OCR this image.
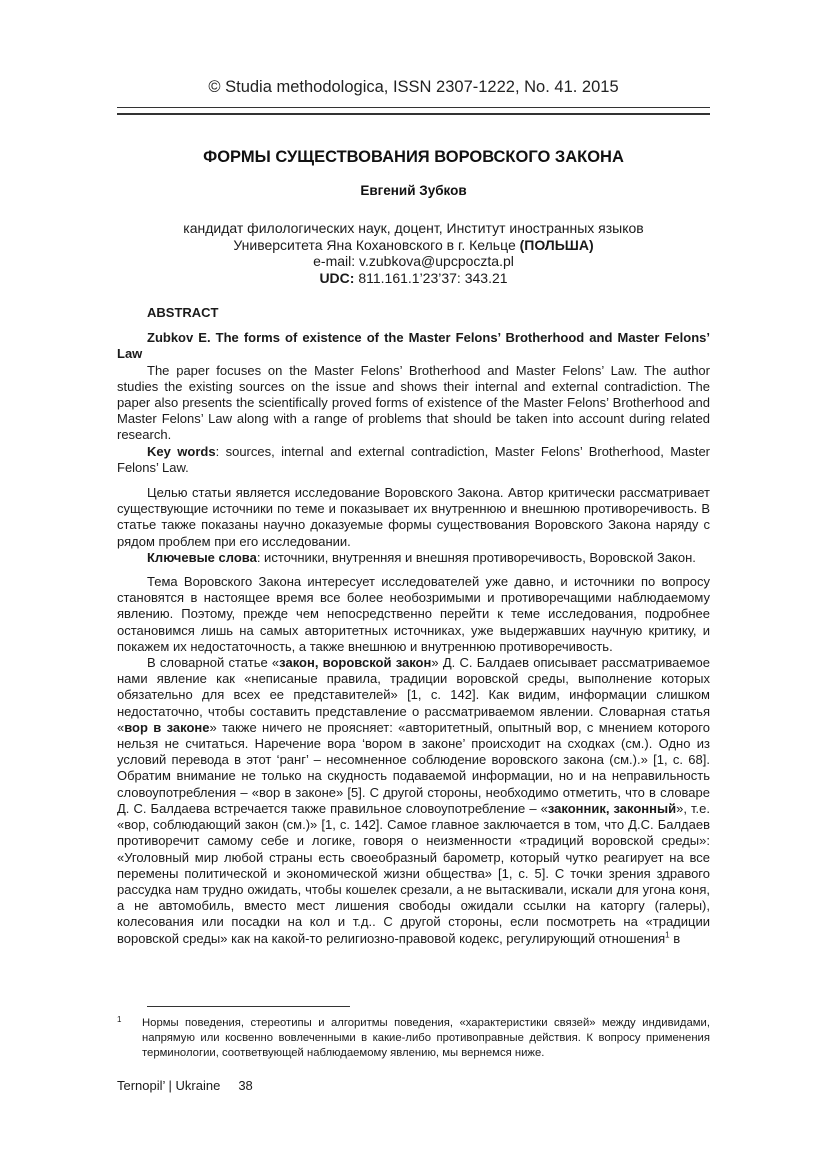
© Studia methodologica, ISSN 2307-1222, No. 41. 2015
ФОРМЫ СУЩЕСТВОВАНИЯ ВОРОВСКОГО ЗАКОНА
Евгений Зубков
кандидат филологических наук, доцент, Институт иностранных языков
Университета Яна Кохановского в г. Кельце (ПОЛЬША)
e-mail: v.zubkova@upcpoczta.pl
UDC: 811.161.1’23’37: 343.21
ABSTRACT

Zubkov E. The forms of existence of the Master Felons’ Brotherhood and Master Felons’ Law

The paper focuses on the Master Felons’ Brotherhood and Master Felons’ Law. The author studies the existing sources on the issue and shows their internal and external contradiction. The paper also presents the scientifically proved forms of existence of the Master Felons’ Brotherhood and Master Felons’ Law along with a range of problems that should be taken into account during related research.

Key words: sources, internal and external contradiction, Master Felons’ Brotherhood, Master Felons’ Law.

Целью статьи является исследование Воровского Закона. Автор критически рассматривает существующие источники по теме и показывает их внутреннюю и внешнюю противоречивость. В статье также показаны научно доказуемые формы существования Воровского Закона наряду с рядом проблем при его исследовании.

Ключевые слова: источники, внутренняя и внешняя противоречивость, Воровской Закон.

Тема Воровского Закона интересует исследователей уже давно, и источники по вопросу становятся в настоящее время все более необозримыми и противоречащими наблюдаемому явлению. Поэтому, прежде чем непосредственно перейти к теме исследования, подробнее остановимся лишь на самых авторитетных источниках, уже выдержавших научную критику, и покажем их недостаточность, а также внешнюю и внутреннюю противоречивость.

В словарной статье «закон, воровской закон» Д. С. Балдаев описывает рассматриваемое нами явление как «неписаные правила, традиции воровской среды, выполнение которых обязательно для всех ее представителей» [1, с. 142]. Как видим, информации слишком недостаточно, чтобы составить представление о рассматриваемом явлении. Словарная статья «вор в законе» также ничего не проясняет: «авторитетный, опытный вор, с мнением которого нельзя не считаться. Наречение вора ‘вором в законе’ происходит на сходках (см.). Одно из условий перевода в этот ‘ранг’ – несомненное соблюдение воровского закона (см.).» [1, с. 68]. Обратим внимание не только на скудность подаваемой информации, но и на неправильность словоупотребления – «вор в законе» [5]. С другой стороны, необходимо отметить, что в словаре Д. С. Балдаева встречается также правильное словоупотребление – «законник, законный», т.е. «вор, соблюдающий закон (см.)» [1, с. 142]. Самое главное заключается в том, что Д.С. Балдаев противоречит самому себе и логике, говоря о неизменности «традиций воровской среды»: «Уголовный мир любой страны есть своеобразный барометр, который чутко реагирует на все перемены политической и экономической жизни общества» [1, с. 5]. С точки зрения здравого рассудка нам трудно ожидать, чтобы кошелек срезали, а не вытаскивали, искали для угона коня, а не автомобиль, вместо мест лишения свободы ожидали ссылки на каторгу (галеры), колесования или посадки на кол и т.д.. С другой стороны, если посмотреть на «традиции воровской среды» как на какой-то религиозно-правовой кодекс, регулирующий отношения$^1$ в

1 Нормы поведения, стереотипы и алгоритмы поведения, «характеристики связей» между индивидами, напрямую или косвенно вовлеченными в какие-либо противоправные действия. К вопросу применения терминологии, соответвующей наблюдаемому явлению, мы вернемся ниже.
Ternopil’ | Ukraine 38
